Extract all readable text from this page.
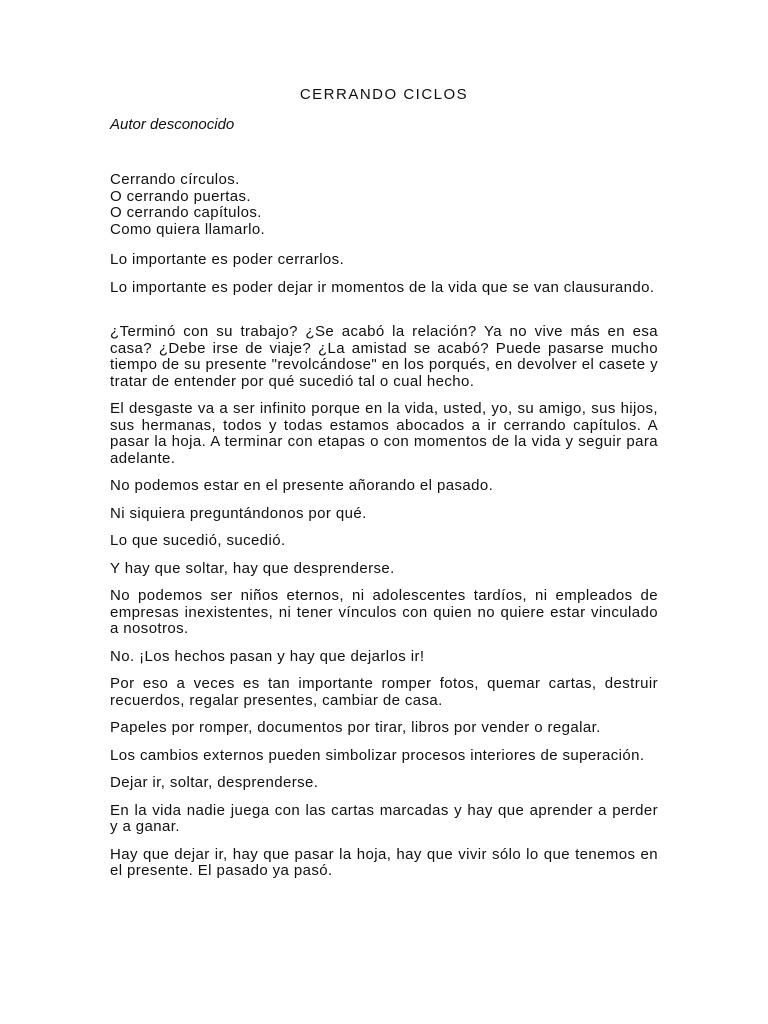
CERRANDO CICLOS
Autor desconocido
Cerrando círculos.
O cerrando puertas.
O cerrando capítulos.
Como quiera llamarlo.

Lo importante es poder cerrarlos.

Lo importante es poder dejar ir momentos de la vida que se van clausurando.

¿Terminó con su trabajo? ¿Se acabó la relación? Ya no vive más en esa casa? ¿Debe irse de viaje? ¿La amistad se acabó? Puede pasarse mucho tiempo de su presente "revolcándose" en los porqués, en devolver el casete y tratar de entender por qué sucedió tal o cual hecho.

El desgaste va a ser infinito porque en la vida, usted, yo, su amigo, sus hijos, sus hermanas, todos y todas estamos abocados a ir cerrando capítulos. A pasar la hoja. A terminar con etapas o con momentos de la vida y seguir para adelante.

No podemos estar en el presente añorando el pasado.

Ni siquiera preguntándonos por qué.

Lo que sucedió, sucedió.

Y hay que soltar, hay que desprenderse.

No podemos ser niños eternos, ni adolescentes tardíos, ni empleados de empresas inexistentes, ni tener vínculos con quien no quiere estar vinculado a nosotros.

No. ¡Los hechos pasan y hay que dejarlos ir!

Por eso a veces es tan importante romper fotos, quemar cartas, destruir recuerdos, regalar presentes, cambiar de casa.

Papeles por romper, documentos por tirar, libros por vender o regalar.

Los cambios externos pueden simbolizar procesos interiores de superación.

Dejar ir, soltar, desprenderse.

En la vida nadie juega con las cartas marcadas y hay que aprender a perder y a ganar.

Hay que dejar ir, hay que pasar la hoja, hay que vivir sólo lo que tenemos en el presente. El pasado ya pasó.
